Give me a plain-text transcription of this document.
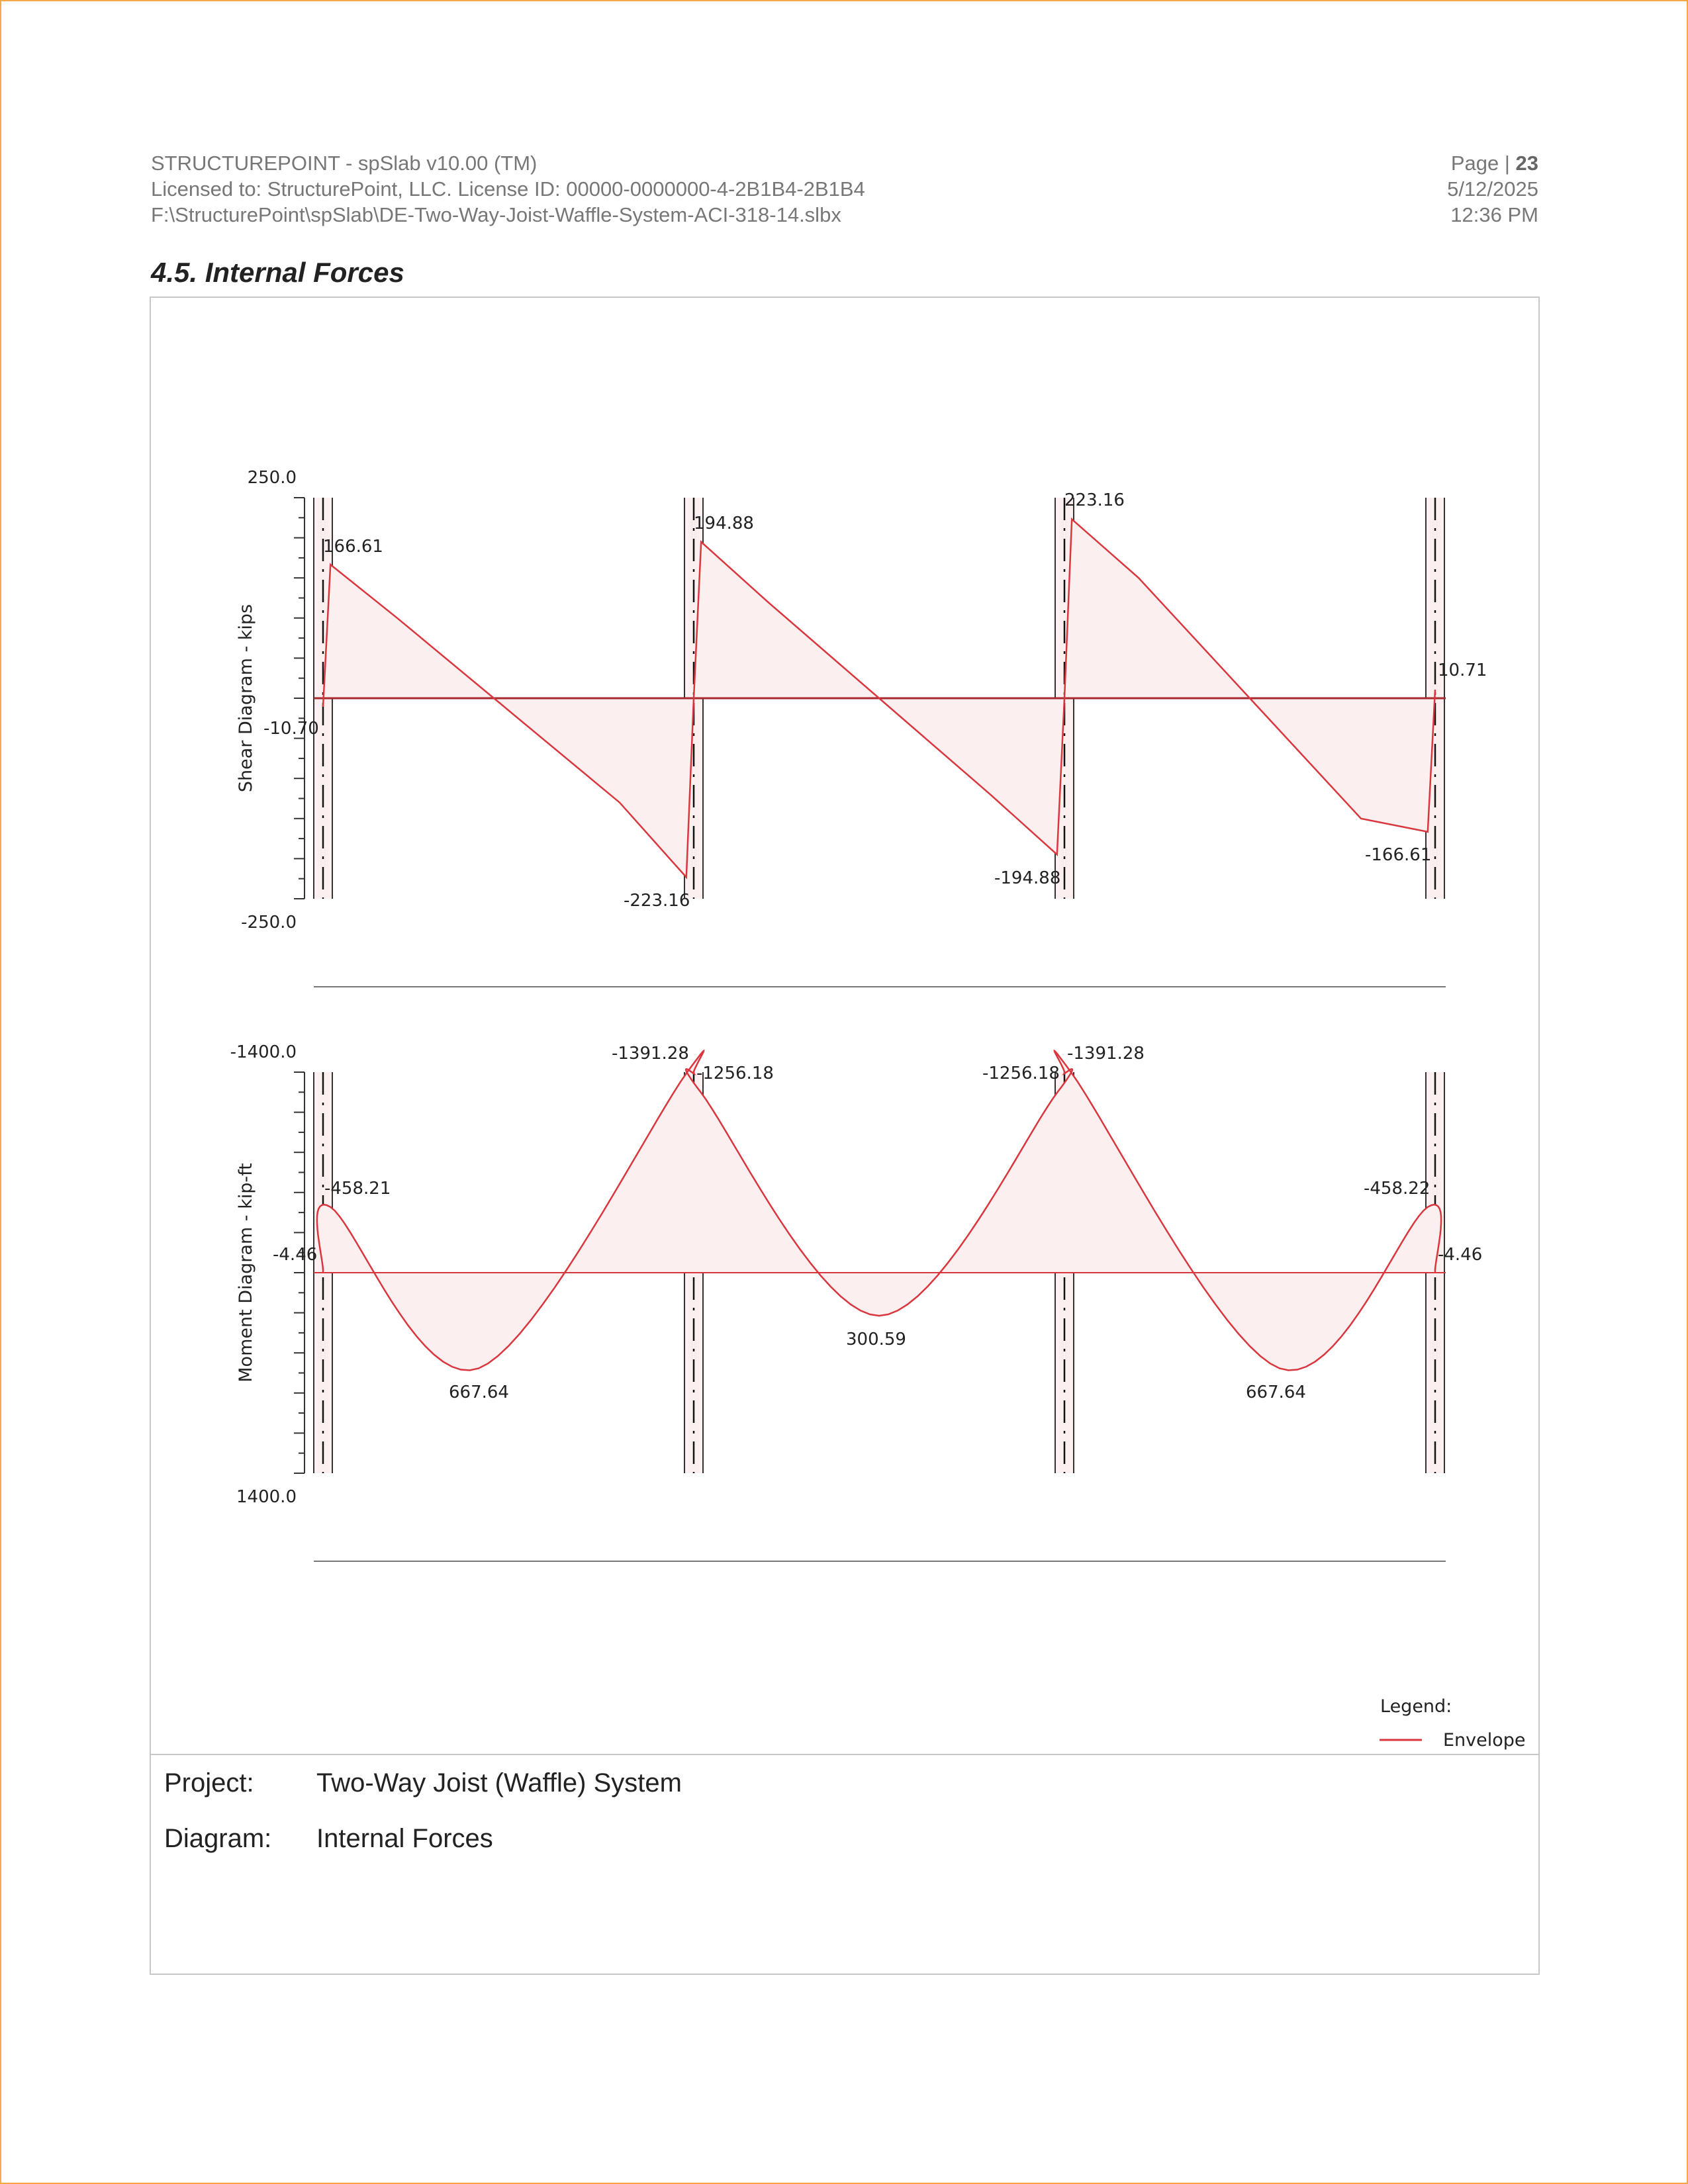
STRUCTUREPOINT - spSlab v10.00 (TM)
Licensed to: StructurePoint, LLC. License ID: 00000-0000000-4-2B1B4-2B1B4
F:\StructurePoint\spSlab\DE-Two-Way-Joist-Waffle-System-ACI-318-14.slbx
Page | 23
5/12/2025
12:36 PM
4.5. Internal Forces
250.0
-250.0
Shear Diagram - kips
166.61
194.88
223.16
-10.70
-223.16
-194.88
-166.61
10.71
-1400.0
1400.0
Moment Diagram - kip-ft
-1391.28
-1256.18	-1256.18
-1391.28
-458.21	-458.22
-4.46	-4.46
667.64
300.59
667.64
Legend:
Envelope
Project: Two-Way Joist (Waffle) System
Diagram: Internal Forces
